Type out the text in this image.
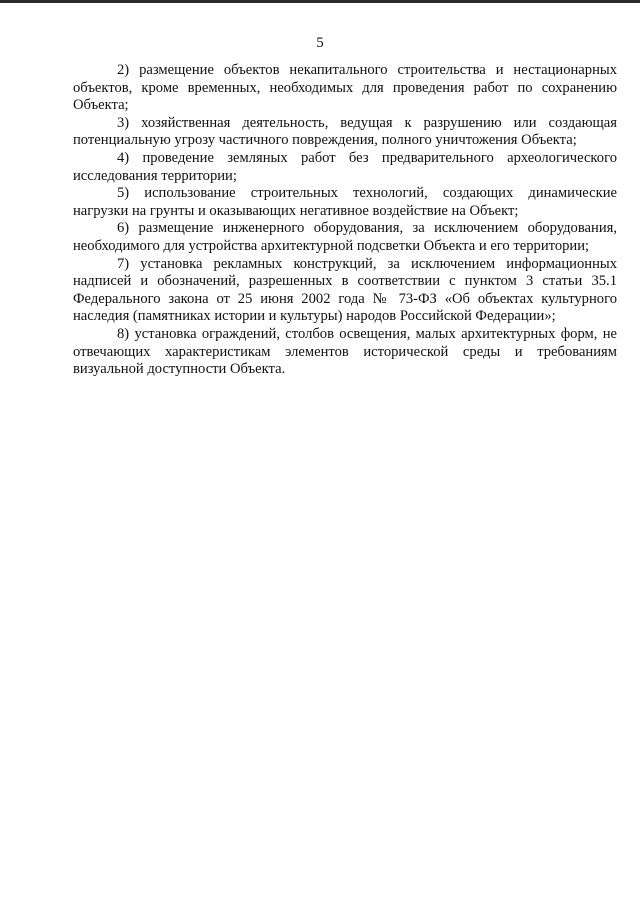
5

2) размещение объектов некапитального строительства и нестационарных объектов, кроме временных, необходимых для проведения работ по сохранению Объекта;

3) хозяйственная деятельность, ведущая к разрушению или создающая потенциальную угрозу частичного повреждения, полного уничтожения Объекта;

4) проведение земляных работ без предварительного археологического исследования территории;

5) использование строительных технологий, создающих динамические нагрузки на грунты и оказывающих негативное воздействие на Объект;

6) размещение инженерного оборудования, за исключением оборудования, необходимого для устройства архитектурной подсветки Объекта и его территории;

7) установка рекламных конструкций, за исключением информационных надписей и обозначений, разрешенных в соответствии с пунктом 3 статьи 35.1 Федерального закона от 25 июня 2002 года № 73-ФЗ «Об объектах культурного наследия (памятниках истории и культуры) народов Российской Федерации»;

8) установка ограждений, столбов освещения, малых архитектурных форм, не отвечающих характеристикам элементов исторической среды и требованиям визуальной доступности Объекта.
